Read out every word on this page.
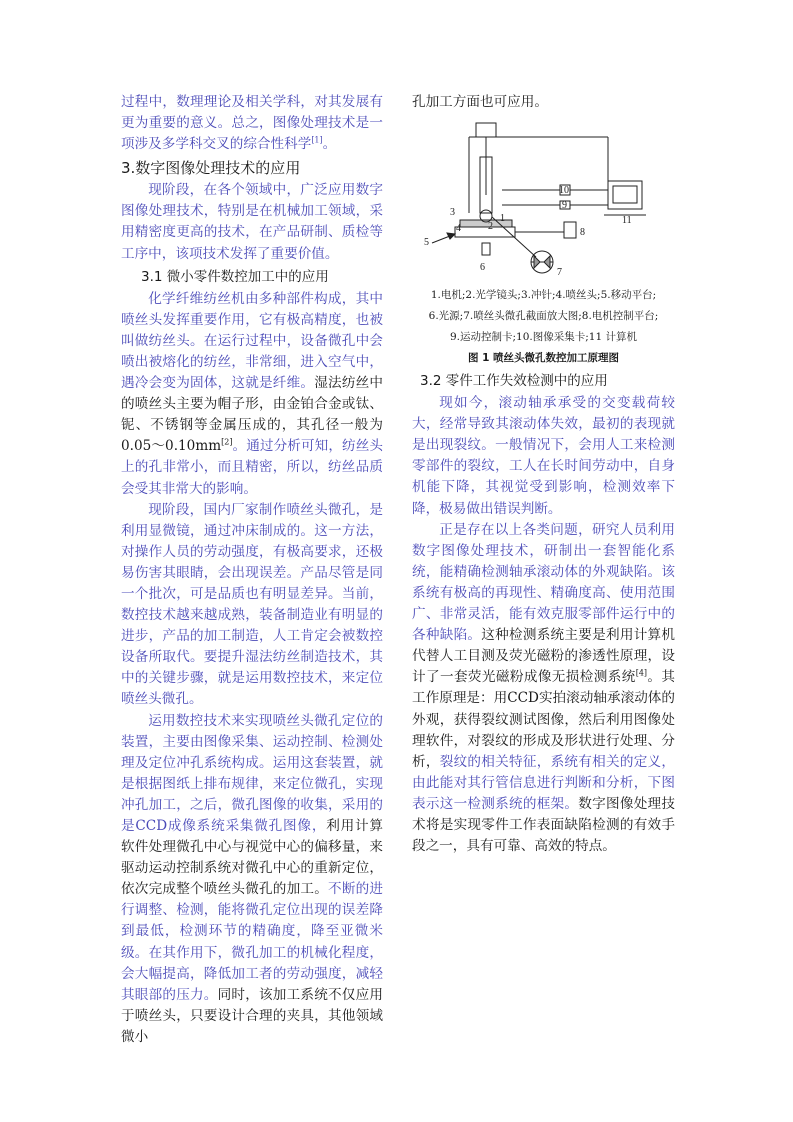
过程中，数理理论及相关学科，对其发展有更为重要的意义。总之，图像处理技术是一项涉及多学科交叉的综合性科学[1]。

3.数字图像处理技术的应用

现阶段，在各个领域中，广泛应用数字图像处理技术，特别是在机械加工领域，采用精密度更高的技术，在产品研制、质检等工序中，该项技术发挥了重要价值。

3.1 微小零件数控加工中的应用

化学纤维纺丝机由多种部件构成，其中喷丝头发挥重要作用，它有极高精度，也被叫做纺丝头。在运行过程中，设备微孔中会喷出被熔化的纺丝，非常细，进入空气中，遇冷会变为固体，这就是纤维。湿法纺丝中的喷丝头主要为帽子形，由金铂合金或钛、铌、不锈钢等金属压成的，其孔径一般为0.05～0.10mm[2]。通过分析可知，纺丝头上的孔非常小，而且精密，所以，纺丝品质会受其非常大的影响。

现阶段，国内厂家制作喷丝头微孔，是利用显微镜，通过冲床制成的。这一方法，对操作人员的劳动强度，有极高要求，还极易伤害其眼睛，会出现误差。产品尽管是同一个批次，可是品质也有明显差异。当前，数控技术越来越成熟，装备制造业有明显的进步，产品的加工制造，人工肯定会被数控设备所取代。要提升湿法纺丝制造技术，其中的关键步骤，就是运用数控技术，来定位喷丝头微孔。

运用数控技术来实现喷丝头微孔定位的装置，主要由图像采集、运动控制、检测处理及定位冲孔系统构成。运用这套装置，就是根据图纸上排布规律，来定位微孔，实现冲孔加工，之后，微孔图像的收集，采用的是CCD成像系统采集微孔图像，利用计算软件处理微孔中心与视觉中心的偏移量，来驱动运动控制系统对微孔中心的重新定位，依次完成整个喷丝头微孔的加工。不断的进行调整、检测，能将微孔定位出现的误差降到最低，检测环节的精确度，降至亚微米级。在其作用下，微孔加工的机械化程度，会大幅提高，降低加工者的劳动强度，减轻其眼部的压力。同时，该加工系统不仅应用于喷丝头，只要设计合理的夹具，其他领域微小

孔加工方面也可应用。

1
2
3
4
5
6	7
8
9
10
11
1.电机;2.光学镜头;3.冲针;4.喷丝头;5.移动平台;
6.光源;7.喷丝头微孔截面放大图;8.电机控制平台;
9.运动控制卡;10.图像采集卡;11 计算机
图 1 喷丝头微孔数控加工原理图
3.2 零件工作失效检测中的应用

现如今，滚动轴承承受的交变载荷较大，经常导致其滚动体失效，最初的表现就是出现裂纹。一般情况下，会用人工来检测零部件的裂纹，工人在长时间劳动中，自身机能下降，其视觉受到影响，检测效率下降，极易做出错误判断。

正是存在以上各类问题，研究人员利用数字图像处理技术，研制出一套智能化系统，能精确检测轴承滚动体的外观缺陷。该系统有极高的再现性、精确度高、使用范围广、非常灵活，能有效克服零部件运行中的各种缺陷。这种检测系统主要是利用计算机代替人工目测及荧光磁粉的渗透性原理，设计了一套荧光磁粉成像无损检测系统[4]。其工作原理是：用CCD实拍滚动轴承滚动体的外观，获得裂纹测试图像，然后利用图像处理软件，对裂纹的形成及形状进行处理、分析，裂纹的相关特征，系统有相关的定义，由此能对其行管信息进行判断和分析，下图表示这一检测系统的框架。数字图像处理技术将是实现零件工作表面缺陷检测的有效手段之一，具有可靠、高效的特点。
